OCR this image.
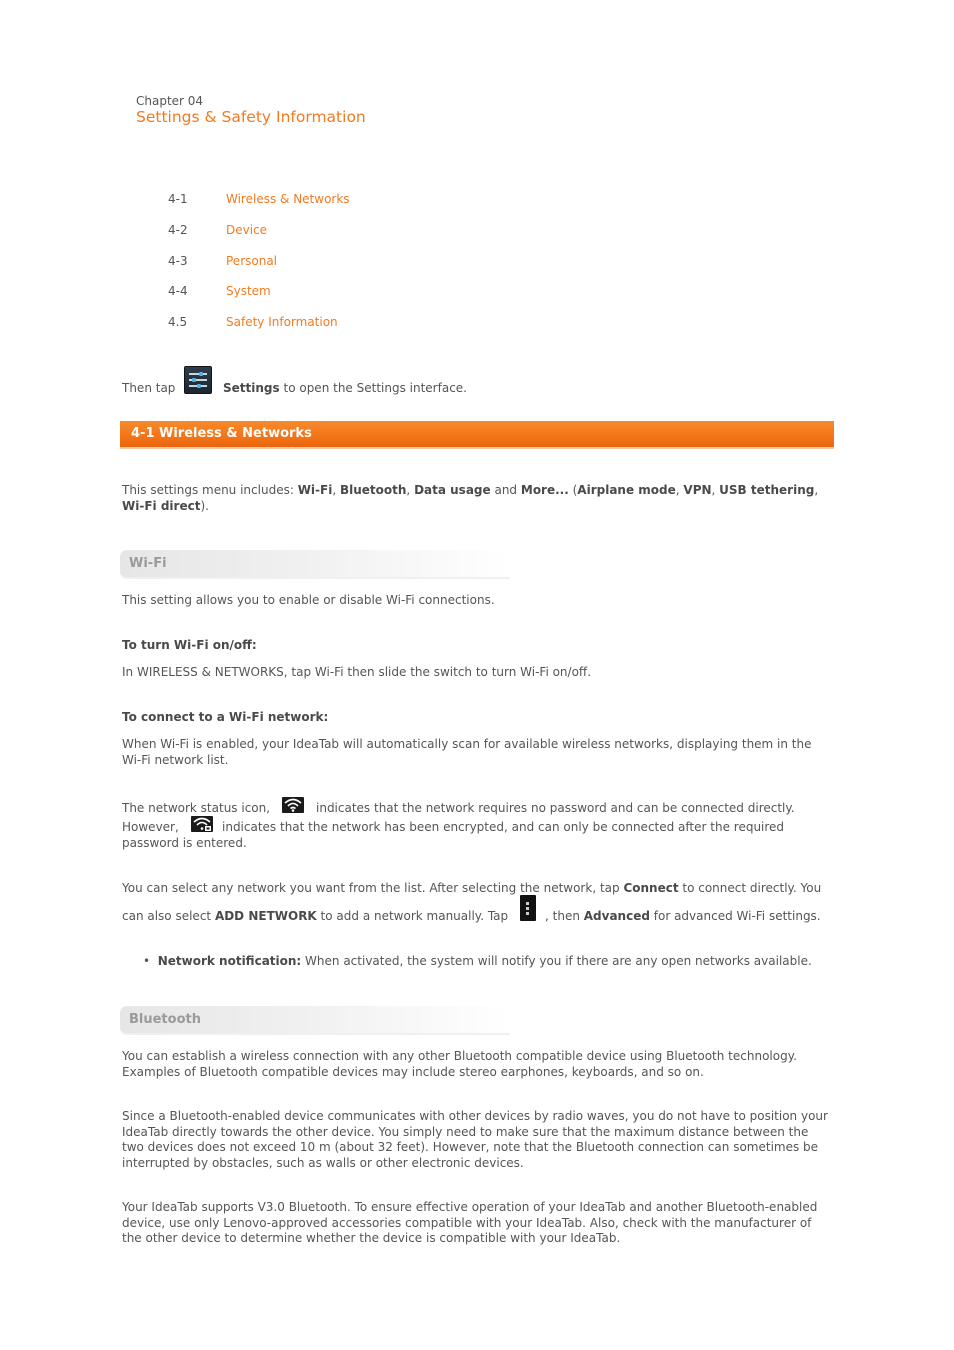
Chapter 04
Settings & Safety Information
4-1	Wireless & Networks
4-2	Device
4-3	Personal
4-4	System
4.5	Safety Information
Then tap	Settings to open the Settings interface.
4-1 Wireless & Networks
This settings menu includes: Wi-Fi, Bluetooth, Data usage and More... (Airplane mode, VPN, USB tethering,
Wi-Fi direct).
Wi-Fi
This setting allows you to enable or disable Wi-Fi connections.
To turn Wi-Fi on/off:
In WIRELESS & NETWORKS, tap Wi-Fi then slide the switch to turn Wi-Fi on/off.
To connect to a Wi-Fi network:
When Wi-Fi is enabled, your IdeaTab will automatically scan for available wireless networks, displaying them in the Wi-Fi network list.
The network status icon,	indicates that the network requires no password and can be connected directly.
However,	indicates that the network has been encrypted, and can only be connected after the required
password is entered.
You can select any network you want from the list. After selecting the network, tap Connect to connect directly. You
can also select ADD NETWORK to add a network manually. Tap	, then Advanced for advanced Wi-Fi settings.
•  Network notification: When activated, the system will notify you if there are any open networks available.
Bluetooth
You can establish a wireless connection with any other Bluetooth compatible device using Bluetooth technology. Examples of Bluetooth compatible devices may include stereo earphones, keyboards, and so on.
Since a Bluetooth-enabled device communicates with other devices by radio waves, you do not have to position your IdeaTab directly towards the other device. You simply need to make sure that the maximum distance between the two devices does not exceed 10 m (about 32 feet). However, note that the Bluetooth connection can sometimes be interrupted by obstacles, such as walls or other electronic devices.
Your IdeaTab supports V3.0 Bluetooth. To ensure effective operation of your IdeaTab and another Bluetooth-enabled device, use only Lenovo-approved accessories compatible with your IdeaTab. Also, check with the manufacturer of the other device to determine whether the device is compatible with your IdeaTab.
